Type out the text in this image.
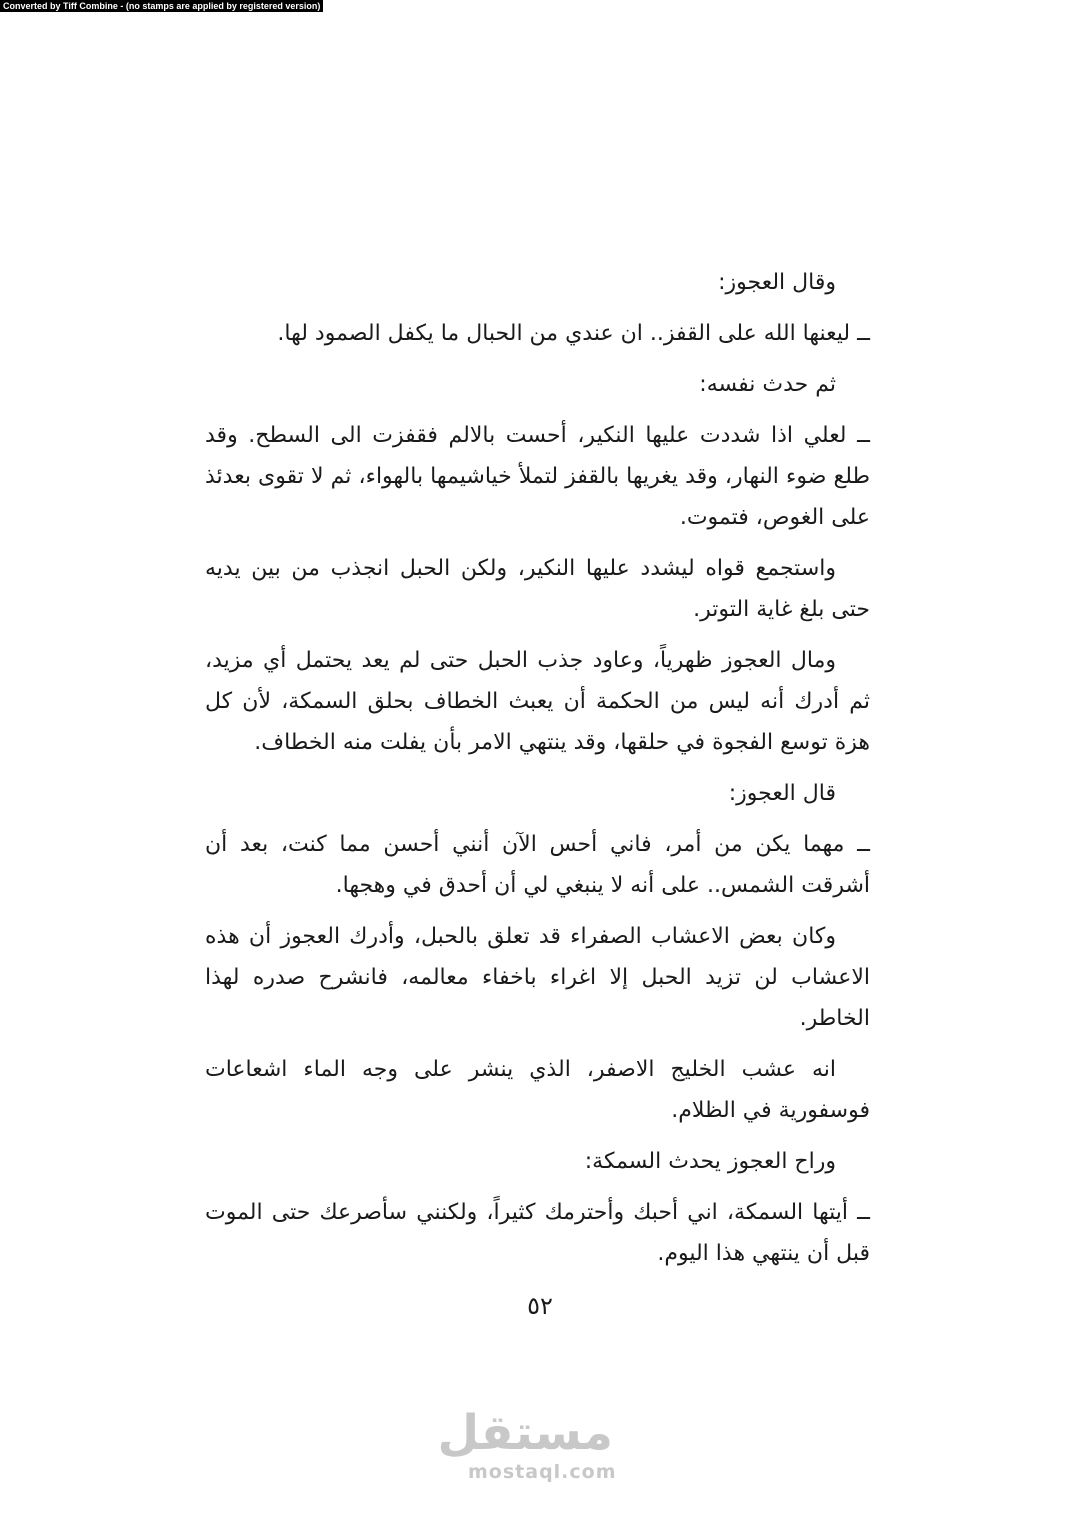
Converted by Tiff Combine - (no stamps are applied by registered version)

وقال العجوز:

ــ ليعنها الله على القفز.. ان عندي من الحبال ما يكفل الصمود لها.

ثم حدث نفسه:

ــ لعلي اذا شددت عليها النكير، أحست بالالم فقفزت الى السطح. وقد طلع ضوء النهار، وقد يغريها بالقفز لتملأ خياشيمها بالهواء، ثم لا تقوى بعدئذ على الغوص، فتموت.

واستجمع قواه ليشدد عليها النكير، ولكن الحبل انجذب من بين يديه حتى بلغ غاية التوتر.

ومال العجوز ظهرياً، وعاود جذب الحبل حتى لم يعد يحتمل أي مزيد، ثم أدرك أنه ليس من الحكمة أن يعبث الخطاف بحلق السمكة، لأن كل هزة توسع الفجوة في حلقها، وقد ينتهي الامر بأن يفلت منه الخطاف.

قال العجوز:

ــ مهما يكن من أمر، فاني أحس الآن أنني أحسن مما كنت، بعد أن أشرقت الشمس.. على أنه لا ينبغي لي أن أحدق في وهجها.

وكان بعض الاعشاب الصفراء قد تعلق بالحبل، وأدرك العجوز أن هذه الاعشاب لن تزيد الحبل إلا اغراء باخفاء معالمه، فانشرح صدره لهذا الخاطر.

انه عشب الخليج الاصفر، الذي ينشر على وجه الماء اشعاعات فوسفورية في الظلام.

وراح العجوز يحدث السمكة:

ــ أيتها السمكة، اني أحبك وأحترمك كثيراً، ولكنني سأصرعك حتى الموت قبل أن ينتهي هذا اليوم.

٥٢
مستقل
mostaql.com
